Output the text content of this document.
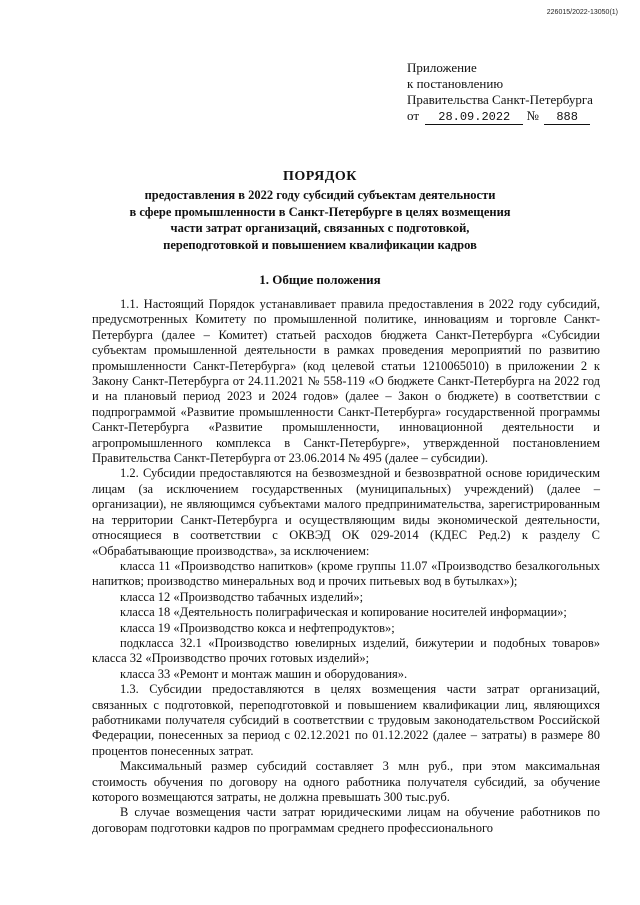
226015/2022-13050(1)
Приложение
к постановлению
Правительства Санкт-Петербурга
от 28.09.2022 № 888
ПОРЯДОК
предоставления в 2022 году субсидий субъектам деятельности
в сфере промышленности в Санкт-Петербурге в целях возмещения
части затрат организаций, связанных с подготовкой,
переподготовкой и повышением квалификации кадров
1. Общие положения

1.1. Настоящий Порядок устанавливает правила предоставления в 2022 году субсидий, предусмотренных Комитету по промышленной политике, инновациям и торговле Санкт-Петербурга (далее – Комитет) статьей расходов бюджета Санкт-Петербурга «Субсидии субъектам промышленной деятельности в рамках проведения мероприятий по развитию промышленности Санкт-Петербурга» (код целевой статьи 1210065010) в приложении 2 к Закону Санкт-Петербурга от 24.11.2021 № 558-119 «О бюджете Санкт-Петербурга на 2022 год и на плановый период 2023 и 2024 годов» (далее – Закон о бюджете) в соответствии с подпрограммой «Развитие промышленности Санкт-Петербурга» государственной программы Санкт-Петербурга «Развитие промышленности, инновационной деятельности и агропромышленного комплекса в Санкт-Петербурге», утвержденной постановлением Правительства Санкт-Петербурга от 23.06.2014 № 495 (далее – субсидии).

1.2. Субсидии предоставляются на безвозмездной и безвозвратной основе юридическим лицам (за исключением государственных (муниципальных) учреждений) (далее – организации), не являющимся субъектами малого предпринимательства, зарегистрированным на территории Санкт-Петербурга и осуществляющим виды экономической деятельности, относящиеся в соответствии с ОКВЭД ОК 029-2014 (КДЕС Ред.2) к разделу С «Обрабатывающие производства», за исключением:

класса 11 «Производство напитков» (кроме группы 11.07 «Производство безалкогольных напитков; производство минеральных вод и прочих питьевых вод в бутылках»);

класса 12 «Производство табачных изделий»;

класса 18 «Деятельность полиграфическая и копирование носителей информации»;

класса 19 «Производство кокса и нефтепродуктов»;

подкласса 32.1 «Производство ювелирных изделий, бижутерии и подобных товаров» класса 32 «Производство прочих готовых изделий»;

класса 33 «Ремонт и монтаж машин и оборудования».

1.3. Субсидии предоставляются в целях возмещения части затрат организаций, связанных с подготовкой, переподготовкой и повышением квалификации лиц, являющихся работниками получателя субсидий в соответствии с трудовым законодательством Российской Федерации, понесенных за период с 02.12.2021 по 01.12.2022 (далее – затраты) в размере 80 процентов понесенных затрат.

Максимальный размер субсидий составляет 3 млн руб., при этом максимальная стоимость обучения по договору на одного работника получателя субсидий, за обучение которого возмещаются затраты, не должна превышать 300 тыс.руб.

В случае возмещения части затрат юридическими лицам на обучение работников по договорам подготовки кадров по программам среднего профессионального
